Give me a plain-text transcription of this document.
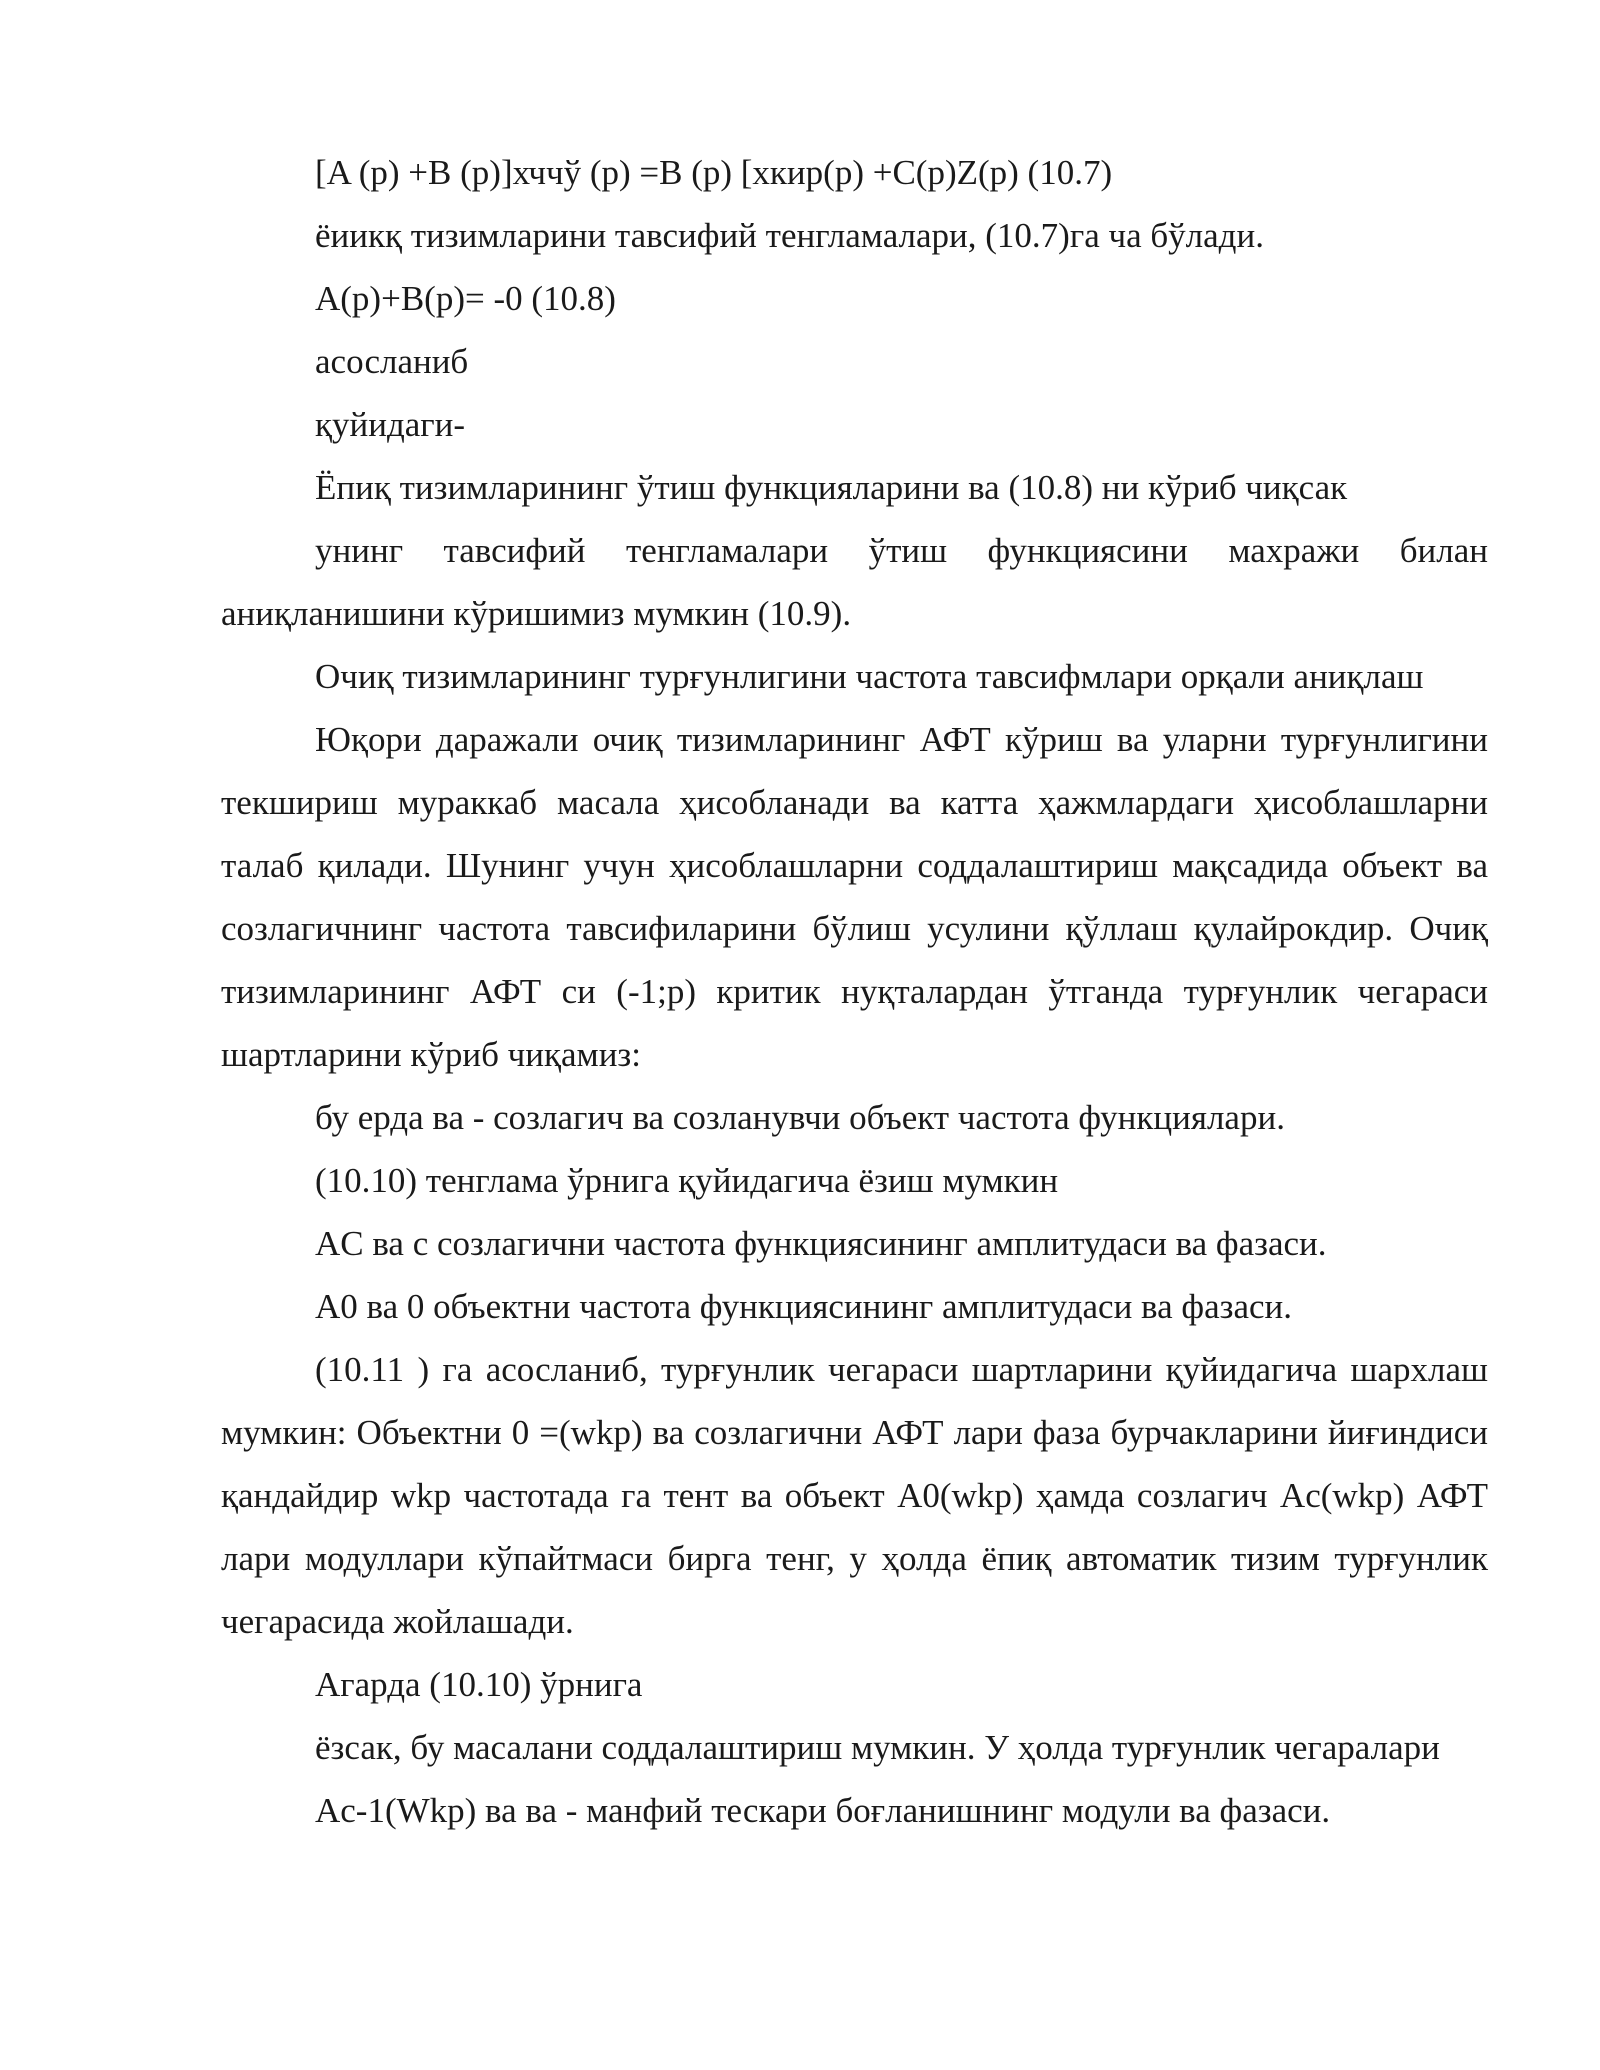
[A (p) +B (p)]хччў (p) =B (p) [хкир(p) +C(p)Z(p) (10.7)

ёиикқ тизимларини тавсифий тенгламалари, (10.7)га ча бўлади.

A(p)+B(p)= -0 (10.8)

асосланиб

қуйидаги-

Ёпиқ тизимларининг ўтиш функцияларини ва (10.8) ни кўриб чиқсак

унинг тавсифий тенгламалари ўтиш функциясини махражи билан аниқланишини кўришимиз мумкин (10.9).

Очиқ тизимларининг турғунлигини частота тавсифмлари орқали аниқлаш

Юқори даражали очиқ тизимларининг АФТ кўриш ва уларни турғунлигини текшириш мураккаб масала ҳисобланади ва катта ҳажмлардаги ҳисоблашларни талаб қилади. Шунинг учун ҳисоблашларни соддалаштириш мақсадида объект ва созлагичнинг частота тавсифиларини бўлиш усулини қўллаш қулайрокдир. Очиқ тизимларининг АФТ си (-1;p) критик нуқталардан ўтганда турғунлик чегараси шартларини кўриб чиқамиз:

бу ерда ва - созлагич ва созланувчи объект частота функциялари.

(10.10) тенглама ўрнига қуйидагича ёзиш мумкин

AC ва с созлагични частота функциясининг амплитудаси ва фазаси.

A0 ва 0 объектни частота функциясининг амплитудаси ва фазаси.

(10.11 ) га асосланиб, турғунлик чегараси шартларини қуйидагича шархлаш мумкин: Объектни 0 =(wkp) ва созлагични АФТ лари фаза бурчакларини йиғиндиси қандайдир wkp частотада га тент ва объект A0(wkp) ҳамда созлагич Ac(wkp) АФТ лари модуллари кўпайтмаси бирга тенг, у ҳолда ёпиқ автоматик тизим турғунлик чегарасида жойлашади.

Агарда (10.10) ўрнига

ёзсак, бу масалани соддалаштириш мумкин. У ҳолда турғунлик чегаралари

Ac-1(Wkp) ва ва - манфий тескари боғланишнинг модули ва фазаси.
